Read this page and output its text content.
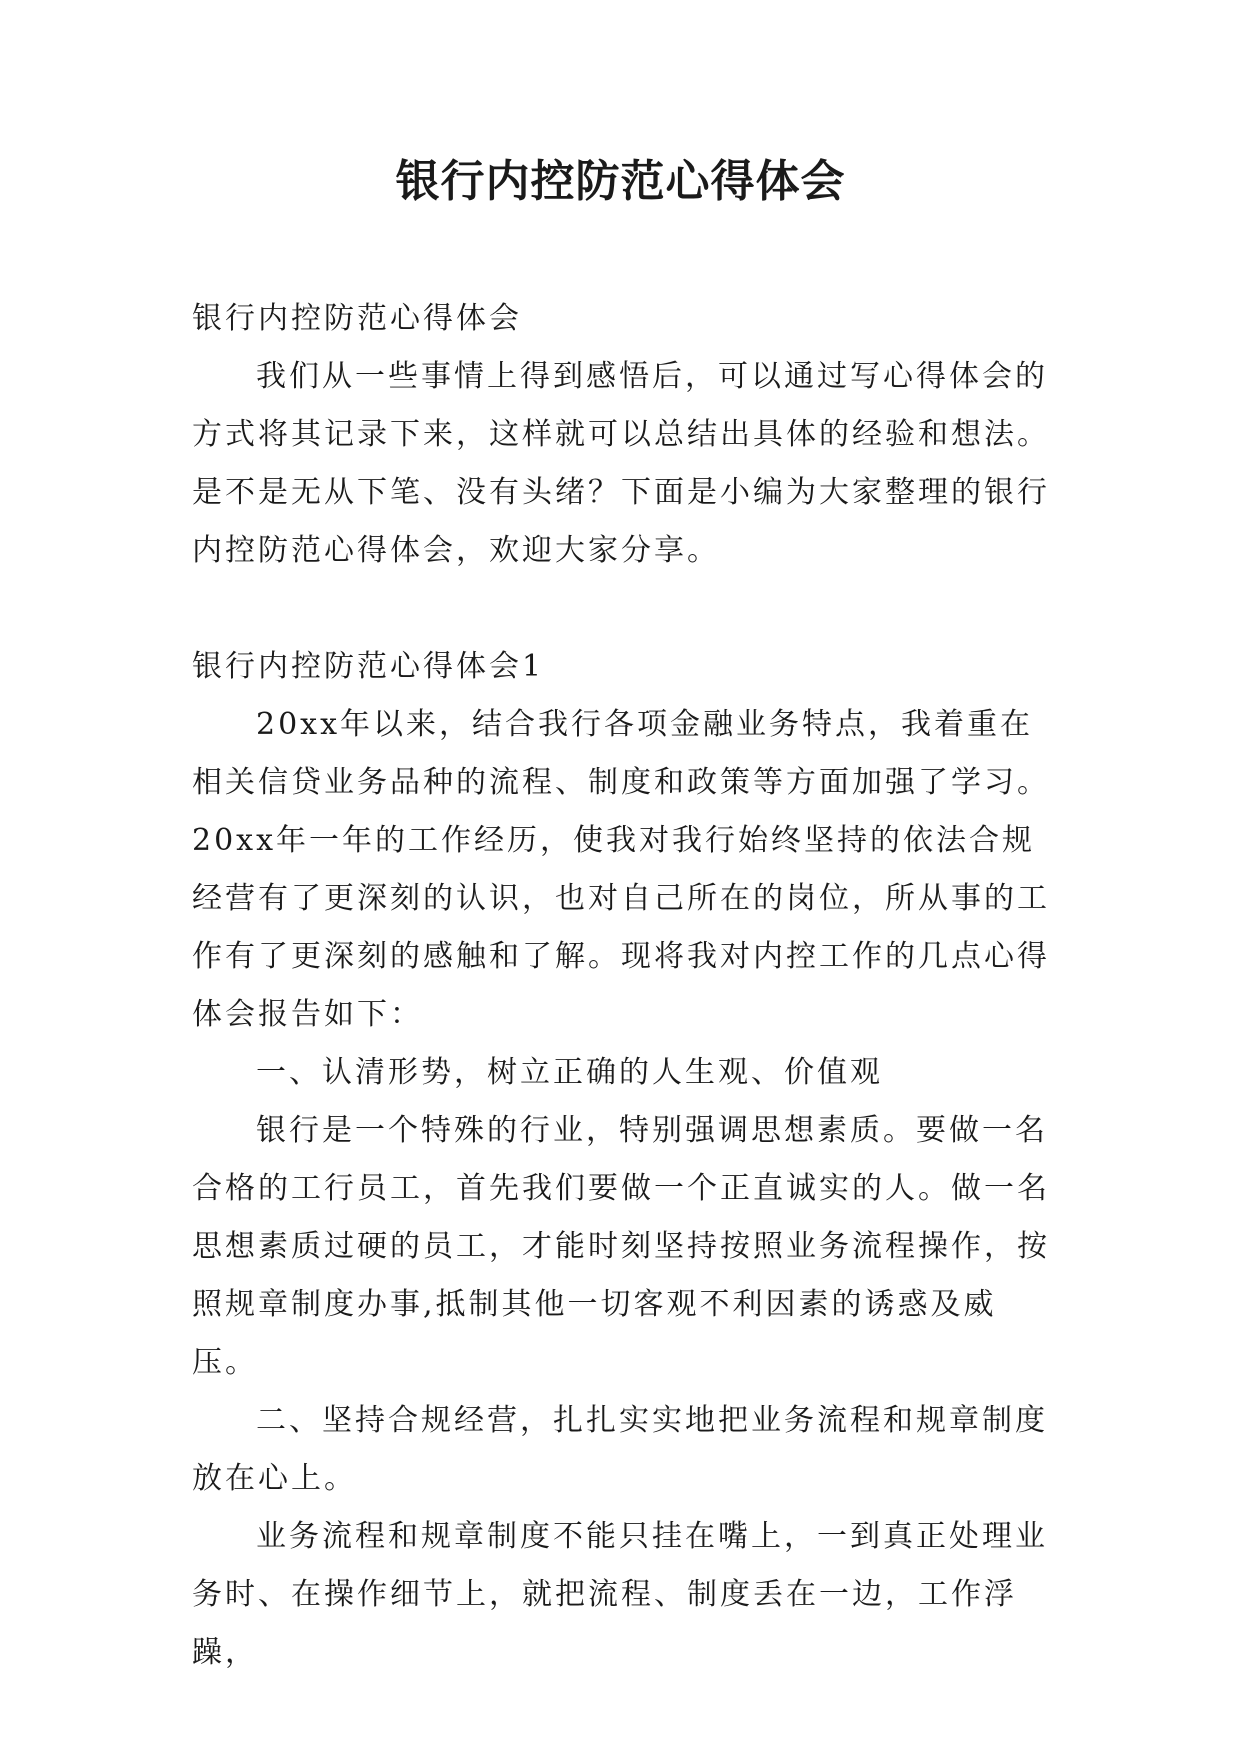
银行内控防范心得体会

银行内控防范心得体会

我们从一些事情上得到感悟后，可以通过写心得体会的方式将其记录下来，这样就可以总结出具体的经验和想法。是不是无从下笔、没有头绪？下面是小编为大家整理的银行内控防范心得体会，欢迎大家分享。

银行内控防范心得体会1

20xx年以来，结合我行各项金融业务特点，我着重在相关信贷业务品种的流程、制度和政策等方面加强了学习。20xx年一年的工作经历，使我对我行始终坚持的依法合规经营有了更深刻的认识，也对自己所在的岗位，所从事的工作有了更深刻的感触和了解。现将我对内控工作的几点心得体会报告如下：

一、认清形势，树立正确的人生观、价值观

银行是一个特殊的行业，特别强调思想素质。要做一名合格的工行员工，首先我们要做一个正直诚实的人。做一名思想素质过硬的员工，才能时刻坚持按照业务流程操作，按照规章制度办事,抵制其他一切客观不利因素的诱惑及威压。

二、坚持合规经营，扎扎实实地把业务流程和规章制度放在心上。

业务流程和规章制度不能只挂在嘴上，一到真正处理业务时、在操作细节上，就把流程、制度丢在一边，工作浮躁，
